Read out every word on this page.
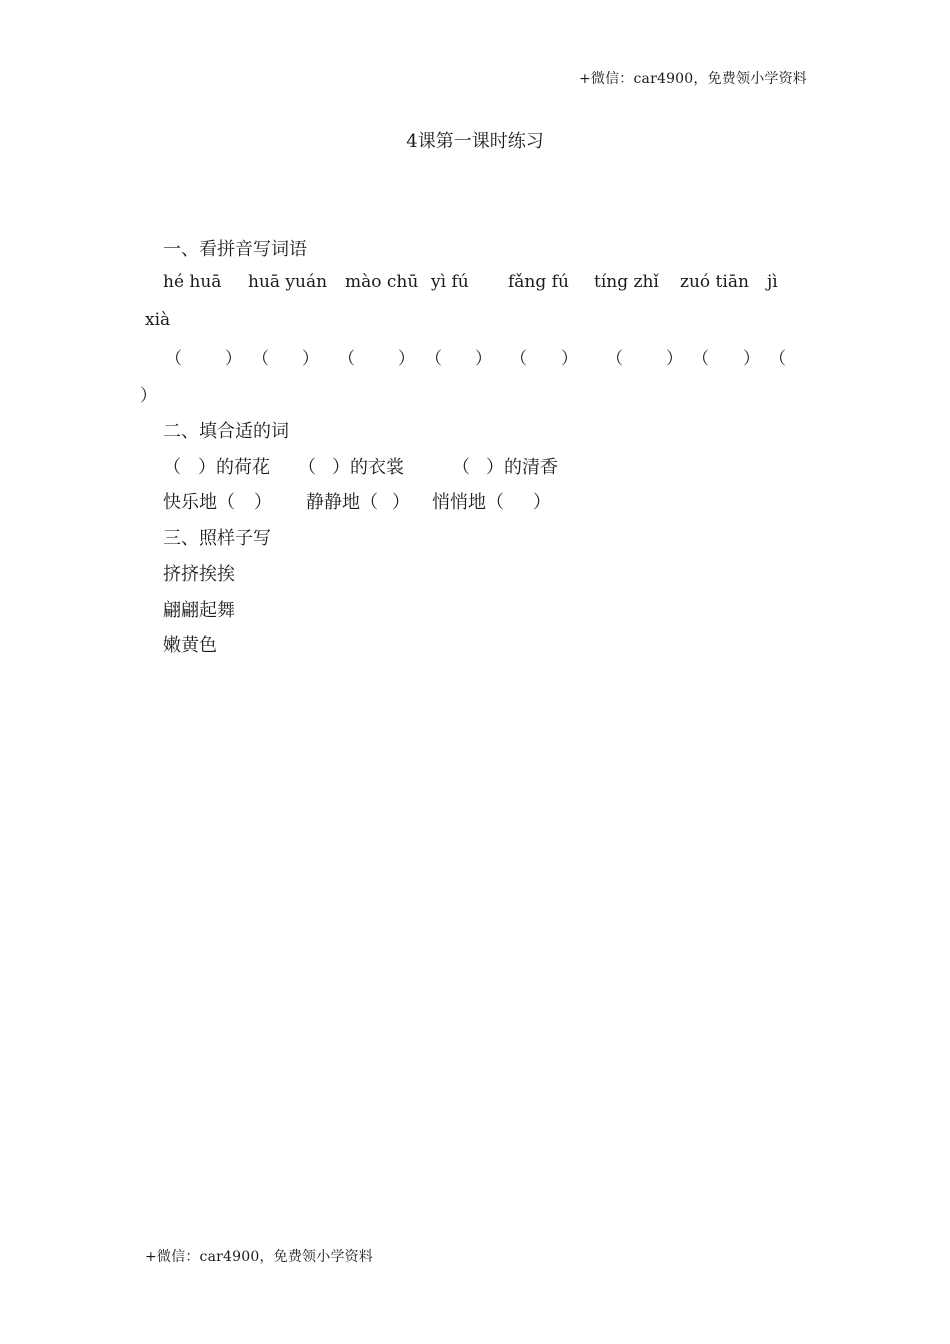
+微信：car4900，免费领小学资料
4课第一课时练习
一、看拼音写词语
hé huā huā yuán mào chū yì fú fǎng fú tíng zhǐ zuó tiān jì
xià
（	） （ ） （	） （ ） （ ） （	） （ ） （
）
二、填合适的词
（ ）的荷花 （ ）的衣裳	（ ）的清香
快乐地（ ） 静静地（ ） 悄悄地（ ）
三、照样子写
挤挤挨挨
翩翩起舞
嫩黄色
+微信：car4900，免费领小学资料
